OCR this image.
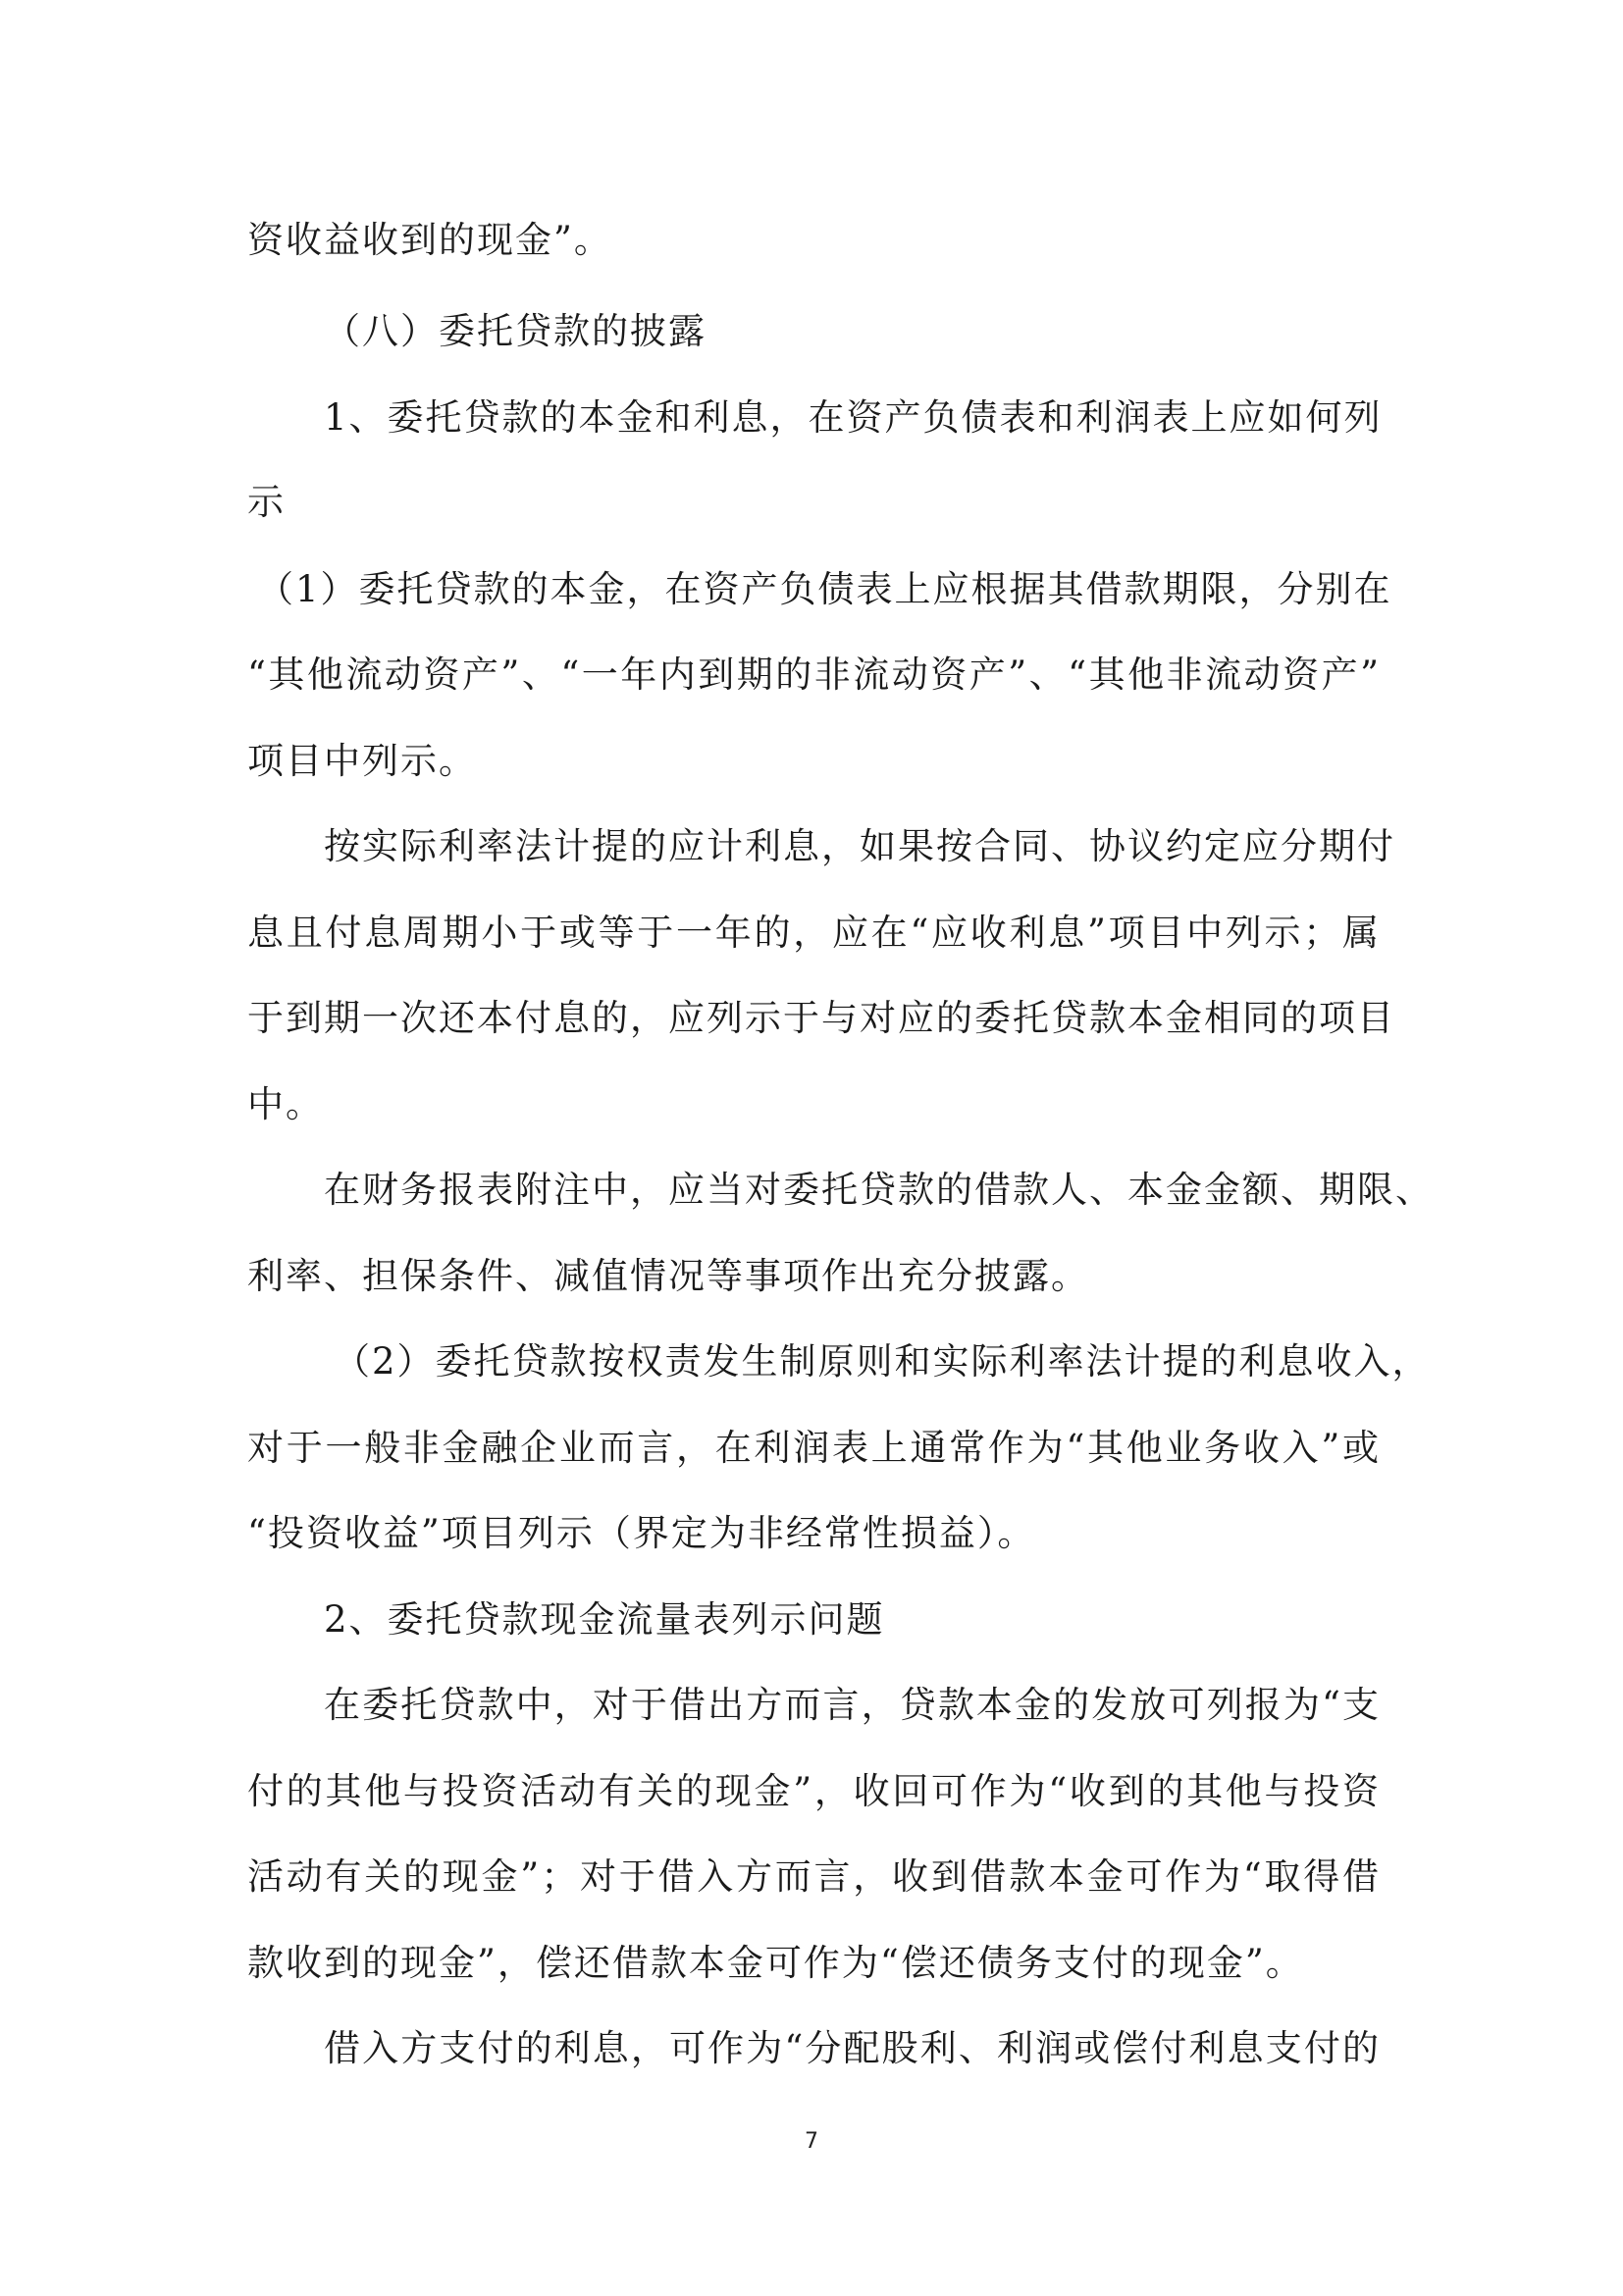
资收益收到的现金”。
（八）委托贷款的披露
1、委托贷款的本金和利息，在资产负债表和利润表上应如何列
示
（1）委托贷款的本金，在资产负债表上应根据其借款期限，分别在
“其他流动资产”、“一年内到期的非流动资产”、“其他非流动资产”
项目中列示。
按实际利率法计提的应计利息，如果按合同、协议约定应分期付
息且付息周期小于或等于一年的，应在“应收利息”项目中列示；属
于到期一次还本付息的，应列示于与对应的委托贷款本金相同的项目
中。
在财务报表附注中，应当对委托贷款的借款人、本金金额、期限、
利率、担保条件、减值情况等事项作出充分披露。
（2）委托贷款按权责发生制原则和实际利率法计提的利息收入，
对于一般非金融企业而言，在利润表上通常作为“其他业务收入”或
“投资收益”项目列示（界定为非经常性损益）。
2、委托贷款现金流量表列示问题
在委托贷款中，对于借出方而言，贷款本金的发放可列报为“支
付的其他与投资活动有关的现金”，收回可作为“收到的其他与投资
活动有关的现金”；对于借入方而言，收到借款本金可作为“取得借
款收到的现金”，偿还借款本金可作为“偿还债务支付的现金”。
借入方支付的利息，可作为“分配股利、利润或偿付利息支付的
7
